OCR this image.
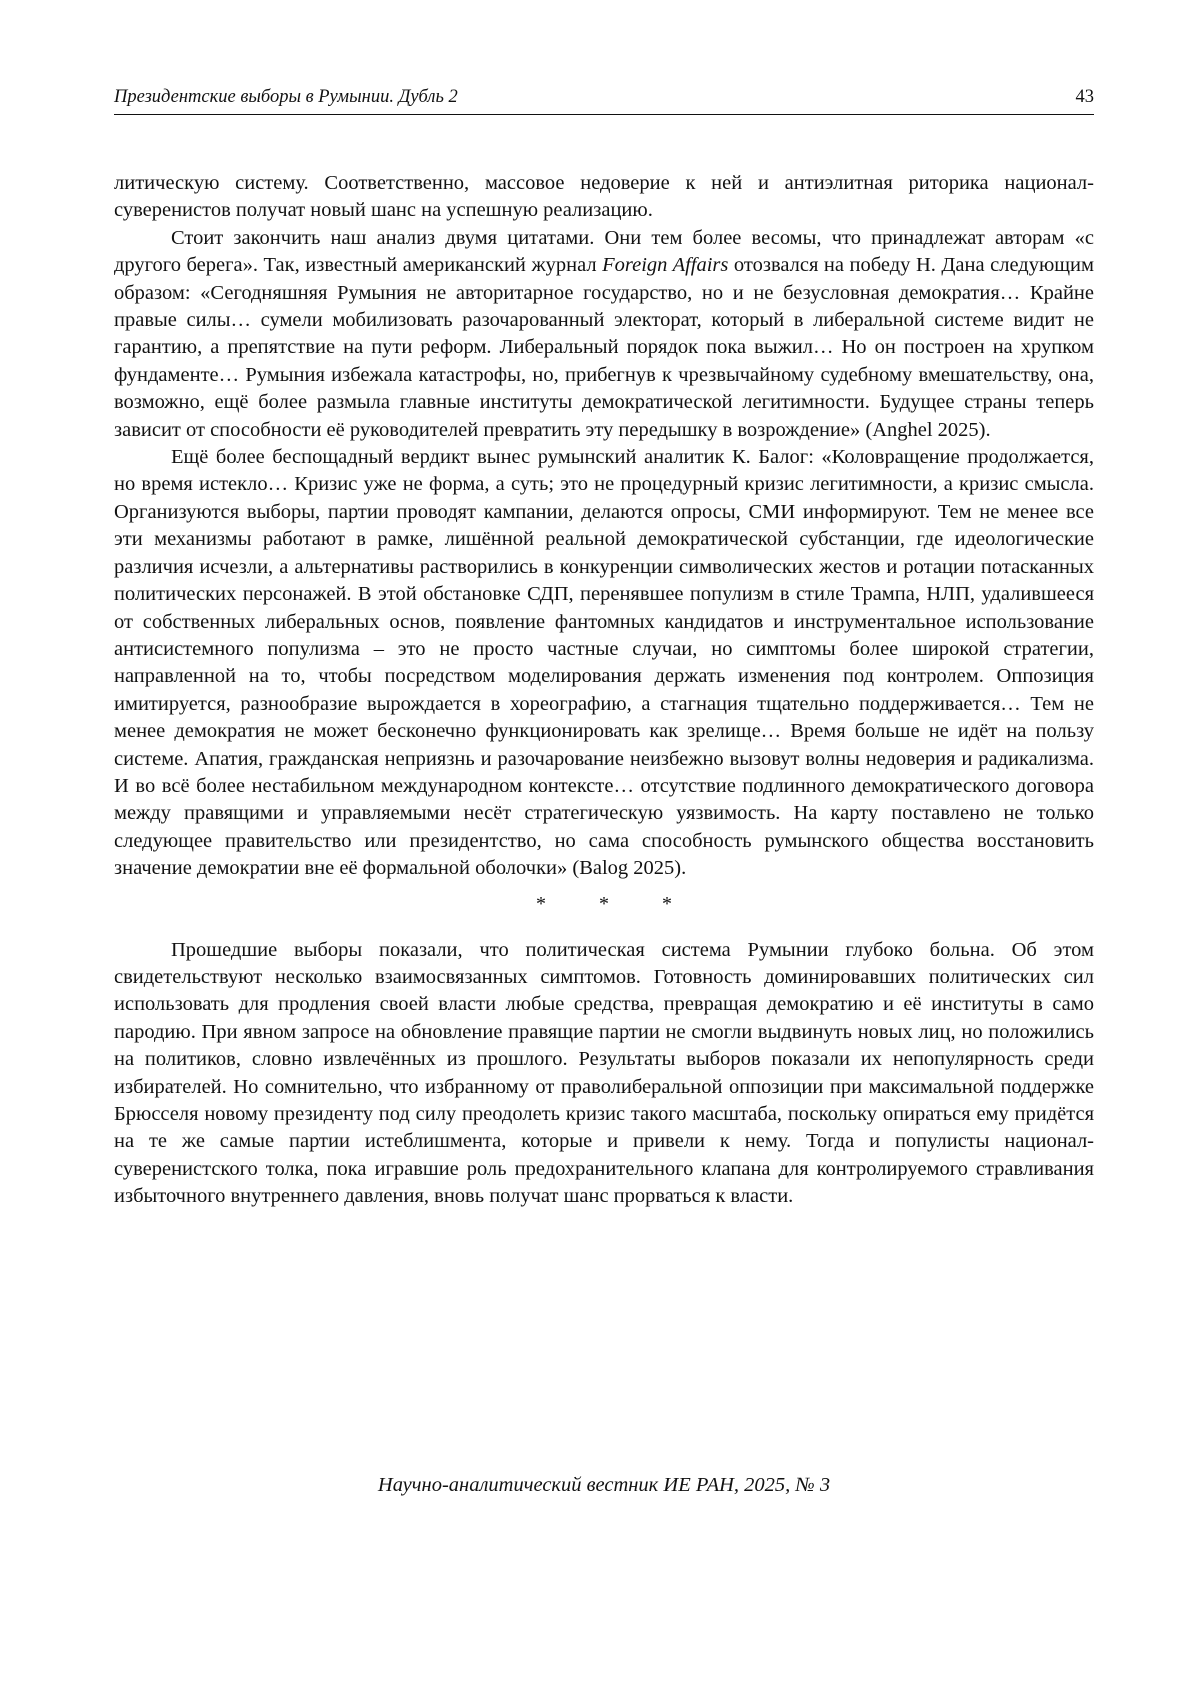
Президентские выборы в Румынии. Дубль 2	43

литическую систему. Соответственно, массовое недоверие к ней и антиэлитная риторика национал-суверенистов получат новый шанс на успешную реализацию.

Стоит закончить наш анализ двумя цитатами. Они тем более весомы, что принадлежат авторам «с другого берега». Так, известный американский журнал Foreign Affairs отозвался на победу Н. Дана следующим образом: «Сегодняшняя Румыния не авторитарное государство, но и не безусловная демократия… Крайне правые силы… сумели мобилизовать разочарованный электорат, который в либеральной системе видит не гарантию, а препятствие на пути реформ. Либеральный порядок пока выжил… Но он построен на хрупком фундаменте… Румыния избежала катастрофы, но, прибегнув к чрезвычайному судебному вмешательству, она, возможно, ещё более размыла главные институты демократической легитимности. Будущее страны теперь зависит от способности её руководителей превратить эту передышку в возрождение» (Anghel 2025).

Ещё более беспощадный вердикт вынес румынский аналитик К. Балог: «Коловращение продолжается, но время истекло… Кризис уже не форма, а суть; это не процедурный кризис легитимности, а кризис смысла. Организуются выборы, партии проводят кампании, делаются опросы, СМИ информируют. Тем не менее все эти механизмы работают в рамке, лишённой реальной демократической субстанции, где идеологические различия исчезли, а альтернативы растворились в конкуренции символических жестов и ротации потасканных политических персонажей. В этой обстановке СДП, перенявшее популизм в стиле Трампа, НЛП, удалившееся от собственных либеральных основ, появление фантомных кандидатов и инструментальное использование антисистемного популизма – это не просто частные случаи, но симптомы более широкой стратегии, направленной на то, чтобы посредством моделирования держать изменения под контролем. Оппозиция имитируется, разнообразие вырождается в хореографию, а стагнация тщательно поддерживается… Тем не менее демократия не может бесконечно функционировать как зрелище… Время больше не идёт на пользу системе. Апатия, гражданская неприязнь и разочарование неизбежно вызовут волны недоверия и радикализма. И во всё более нестабильном международном контексте… отсутствие подлинного демократического договора между правящими и управляемыми несёт стратегическую уязвимость. На карту поставлено не только следующее правительство или президентство, но сама способность румынского общества восстановить значение демократии вне её формальной оболочки» (Balog 2025).

*	*	*

Прошедшие выборы показали, что политическая система Румынии глубоко больна. Об этом свидетельствуют несколько взаимосвязанных симптомов. Готовность доминировавших политических сил использовать для продления своей власти любые средства, превращая демократию и её институты в само пародию. При явном запросе на обновление правящие партии не смогли выдвинуть новых лиц, но положились на политиков, словно извлечённых из прошлого. Результаты выборов показали их непопулярность среди избирателей. Но сомнительно, что избранному от праволиберальной оппозиции при максимальной поддержке Брюсселя новому президенту под силу преодолеть кризис такого масштаба, поскольку опираться ему придётся на те же самые партии истеблишмента, которые и привели к нему. Тогда и популисты национал-суверенистского толка, пока игравшие роль предохранительного клапана для контролируемого стравливания избыточного внутреннего давления, вновь получат шанс прорваться к власти.

Научно-аналитический вестник ИЕ РАН, 2025, № 3
